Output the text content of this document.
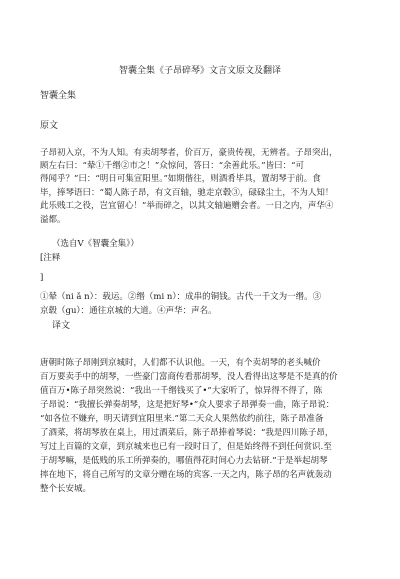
智囊全集《子昂碎琴》文言文原文及翻译
智囊全集
原文
子昂初入京，不为人知。有卖胡琴者，价百万，豪贵传视，无辨者。子昂突出，
顾左右曰：“辇①千缗②市之！”众惊问，答曰：“余善此乐。”皆曰：“可
得闻乎？”曰：“明日可集宣阳里。”如期偕往，则酒肴毕具，置胡琴于前。食
毕，捧琴语曰：“蜀人陈子昂，有文百轴，驰走京毂③，碌碌尘土，不为人知！
此乐贱工之役，岂宜留心！”举而碎之，以其文轴遍赠会者。一日之内，声华④
溢都。
（选自Ⅴ《智囊全集》）
[注释
]
①辇（ni ǎ n）：载运。②缗（mi n）：成串的铜钱。古代一千文为一缗。③
京毂（gu）：通往京城的大道。④声华：声名。
译文
唐朝时陈子昂刚到京城时，人们都不认识他。一天，有个卖胡琴的老头喊价
百万要卖手中的胡琴，一些豪门富商传看那胡琴，没人看得出这琴是不是真的价
值百万•陈子昂突然说：“我出一千缗钱买了•”大家听了，惊异得不得了，陈
子昂说：“我擅长弹奏胡琴，这是把好琴•”众人要求子昂弹奏一曲，陈子昂说：
“如各位不嫌弃，明天请到宜阳里来.”第二天众人果然依约前往，陈子昂准备
了酒菜，将胡琴放在桌上，用过酒菜后，陈子昂捧着琴说：“我是四川陈子昂，
写过上百篇的文章，到京城来也已有一段时日了，但是始终得不到任何赏识.至
于胡琴嘛，是低贱的乐工所弹奏的，哪值得花时间心力去钻研.”于是举起胡琴
摔在地下，将自己所写的文章分赠在场的宾客.一天之内，陈子昂的名声就轰动
整个长安城。
